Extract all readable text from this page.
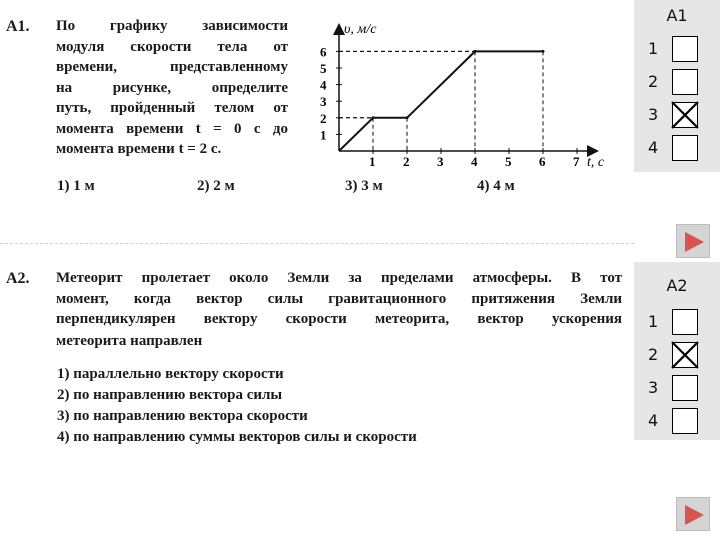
A1. По графику зависимости
модуля скорости тела от
времени, представленному
на рисунке, определите
путь, пройденный телом от
момента времени t = 0 с до
момента времени t = 2 с.
1) 1 м	2) 2 м	3) 3 м	4) 4 м
υ, м/с
t, с
1
2
3
4
5
6
1 2 3 4 5 6 7
A2. Метеорит пролетает около Земли за пределами атмосферы. В тот
момент, когда вектор силы гравитационного притяжения Земли
перпендикулярен вектору скорости метеорита, вектор ускорения
метеорита направлен
1) параллельно вектору скорости
2) по направлению вектора силы
3) по направлению вектора скорости
4) по направлению суммы векторов силы и скорости
A1
1
2
3
4
A2
1
2
3
4
